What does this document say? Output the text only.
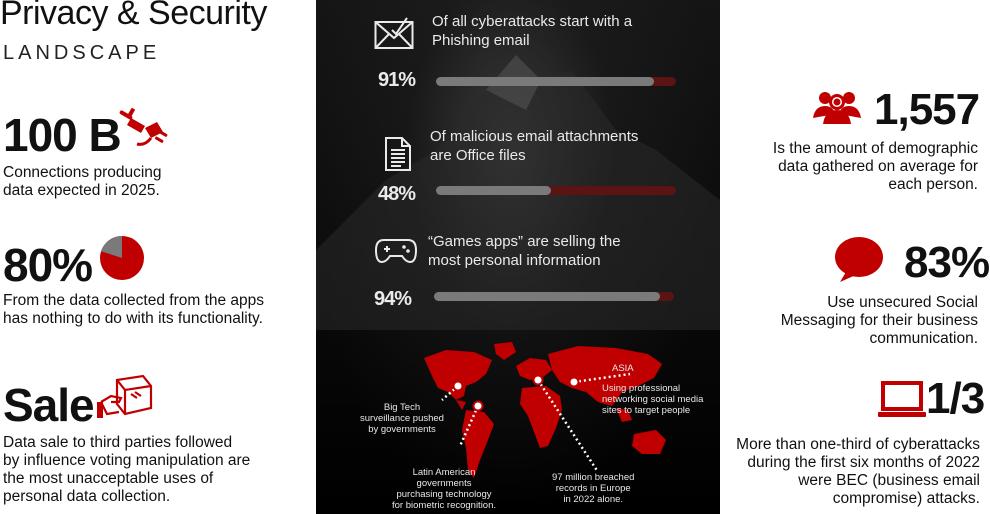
Privacy & Security
LANDSCAPE
100 B
Connections producing
data expected in 2025.
80%
From the data collected from the apps
has nothing to do with its functionality.
Sale
Data sale to third parties followed
by influence voting manipulation are
the most unacceptable uses of
personal data collection.
Of all cyberattacks start with a
Phishing email
91%
Of malicious email attachments
are Office files
48%
“Games apps” are selling the
most personal information
94%
ASIA
Using professional
networking social media
sites to target people
Big Tech
surveillance pushed
by governments
Latin American
governments
purchasing technology
for biometric recognition.
97 million breached
records in Europe
in 2022 alone.
1,557
Is the amount of demographic
data gathered on average for
each person.
83%
Use unsecured Social
Messaging for their business
communication.
1/3
More than one-third of cyberattacks
during the first six months of 2022
were BEC (business email
compromise) attacks.
